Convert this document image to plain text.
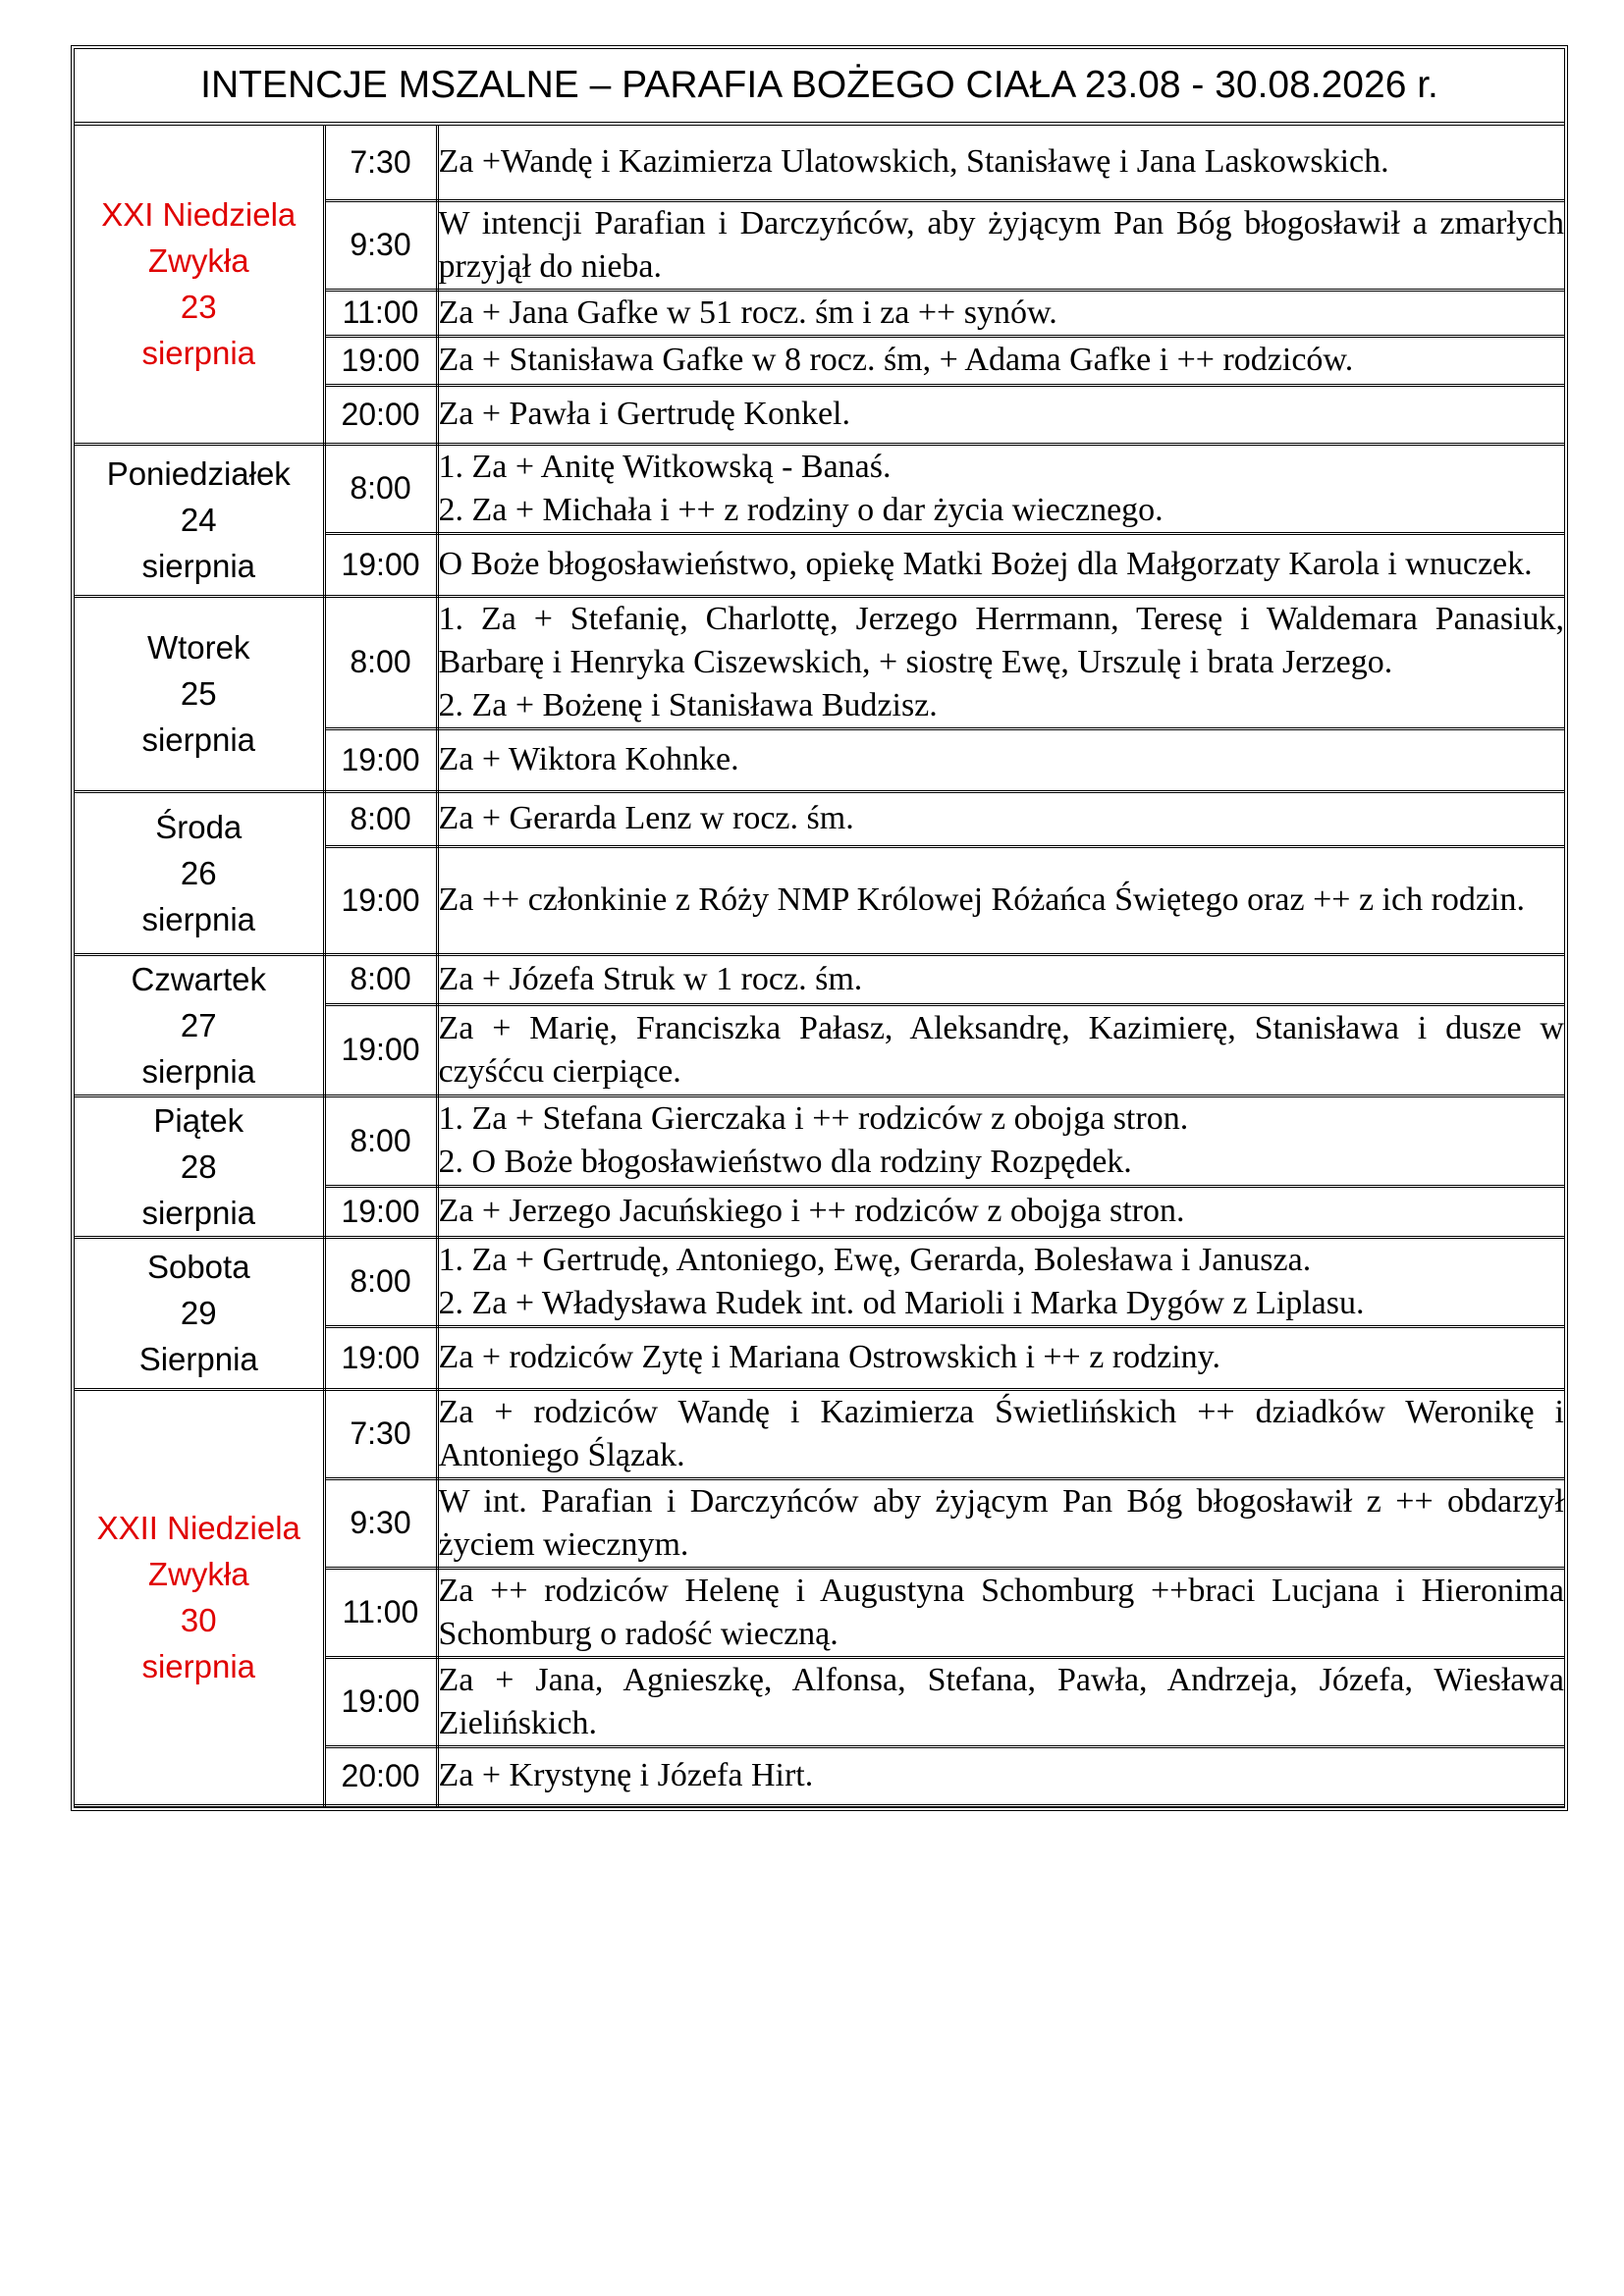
INTENCJE MSZALNE – PARAFIA BOŻEGO CIAŁA 23.08 - 30.08.2026 r.
XXI Niedziela
Zwykła
23
sierpnia	7:30	Za +Wandę i Kazimierza Ulatowskich, Stanisławę i Jana Laskowskich.
	9:30	W intencji Parafian i Darczyńców, aby żyjącym Pan Bóg błogosławił a zmarłych przyjął do nieba.
	11:00	Za + Jana Gafke w 51 rocz. śm i za ++ synów.
	19:00	Za + Stanisława Gafke w 8 rocz. śm, + Adama Gafke i ++ rodziców.
	20:00	Za + Pawła i Gertrudę Konkel.
Poniedziałek
24
sierpnia	8:00	1. Za + Anitę Witkowską - Banaś.
2. Za + Michała i ++ z rodziny o dar życia wiecznego.
	19:00	O Boże błogosławieństwo, opiekę Matki Bożej dla Małgorzaty Karola i wnuczek.
Wtorek
25
sierpnia	8:00	1. Za + Stefanię, Charlottę, Jerzego Herrmann, Teresę i Waldemara Panasiuk, Barbarę i Henryka Ciszewskich, + siostrę Ewę, Urszulę i brata Jerzego.
2. Za + Bożenę i Stanisława Budzisz.
	19:00	Za + Wiktora Kohnke.
Środa
26
sierpnia	8:00	Za + Gerarda Lenz w rocz. śm.
	19:00	Za ++ członkinie z Róży NMP Królowej Różańca Świętego oraz ++ z ich rodzin.
Czwartek
27
sierpnia	8:00	Za + Józefa Struk w 1 rocz. śm.
	19:00	Za + Marię, Franciszka Pałasz, Aleksandrę, Kazimierę, Stanisława i dusze w czyśćcu cierpiące.
Piątek
28
sierpnia	8:00	1. Za + Stefana Gierczaka i ++ rodziców z obojga stron.
2. O Boże błogosławieństwo dla rodziny Rozpędek.
	19:00	Za + Jerzego Jacuńskiego i ++ rodziców z obojga stron.
Sobota
29
Sierpnia	8:00	1. Za + Gertrudę, Antoniego, Ewę, Gerarda, Bolesława i Janusza.
2. Za + Władysława Rudek int. od Marioli i Marka Dygów z Liplasu.
	19:00	Za + rodziców Zytę i Mariana Ostrowskich i ++ z rodziny.
XXII Niedziela
Zwykła
30
sierpnia	7:30	Za + rodziców Wandę i Kazimierza Świetlińskich ++ dziadków Weronikę i Antoniego Ślązak.
	9:30	W int. Parafian i Darczyńców aby żyjącym Pan Bóg błogosławił z ++ obdarzył życiem wiecznym.
	11:00	Za ++ rodziców Helenę i Augustyna Schomburg ++braci Lucjana i Hieronima Schomburg o radość wieczną.
	19:00	Za + Jana, Agnieszkę, Alfonsa, Stefana, Pawła, Andrzeja, Józefa, Wiesława Zielińskich.
	20:00	Za + Krystynę i Józefa Hirt.
